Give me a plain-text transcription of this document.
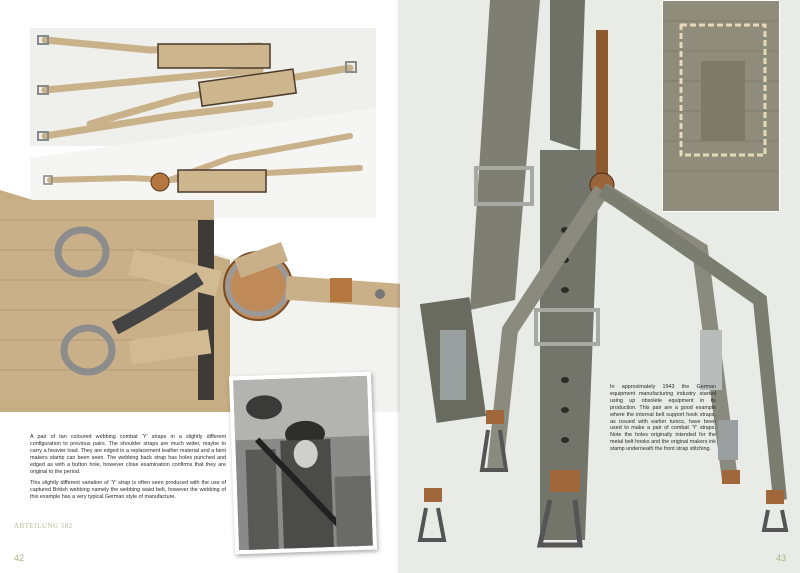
A pair of tan coloured webbing combat ‘Y’ straps in a slightly different configuration to previous pairs. The shoulder straps are much wider, maybe to carry a heavier load. They are edged in a replacement leather material and a faint makers stamp can been seen. The webbing back strap has holes punched and edged as with a button hole, however close examination confirms that they are original to the period.

This slightly different variation of ‘Y’ strap is often seen produced with the use of captured British webbing namely the webbing waist belt, however the webbing of this example has a very typical German style of manufacture.

ABTEILUNG 502
42

In approximately 1943 the German equipment manufacturing industry started using up obsolete equipment in its production. This pair are a good example where the internal belt support hook straps, as issued with earlier tunics, have been used to make a pair of combat ‘Y’ straps. Note the holes originally intended for the metal belt hooks and the original makers ink stamp underneath the front strap stitching.

43
